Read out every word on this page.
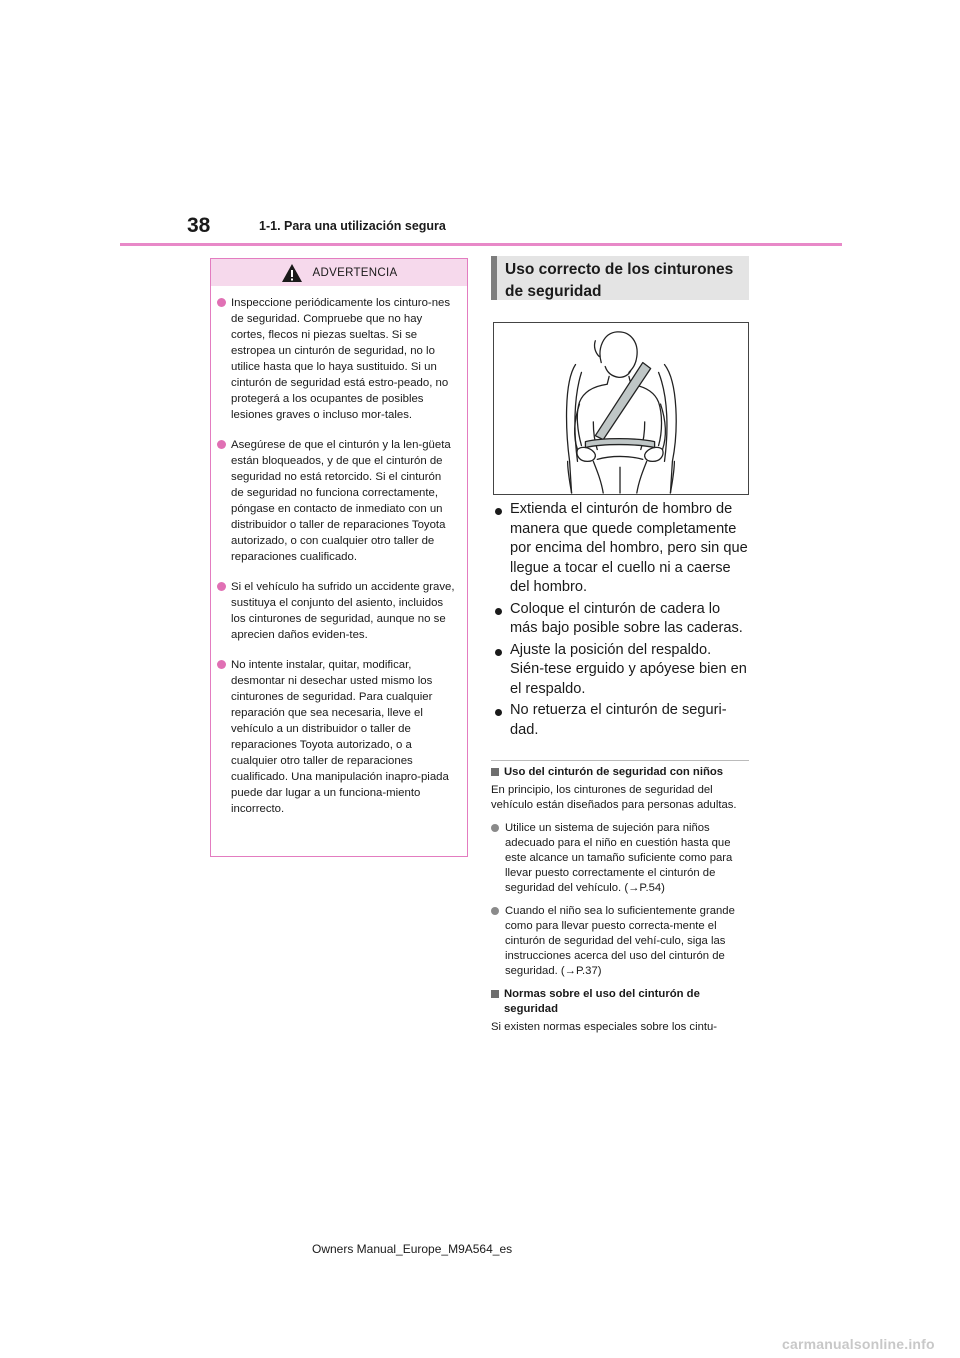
38	1-1. Para una utilización segura
ADVERTENCIA
Inspeccione periódicamente los cinturo-nes de seguridad. Compruebe que no hay cortes, flecos ni piezas sueltas. Si se estropea un cinturón de seguridad, no lo utilice hasta que lo haya sustituido. Si un cinturón de seguridad está estro-peado, no protegerá a los ocupantes de posibles lesiones graves o incluso mor-tales.
Asegúrese de que el cinturón y la len-güeta están bloqueados, y de que el cinturón de seguridad no está retorcido. Si el cinturón de seguridad no funciona correctamente, póngase en contacto de inmediato con un distribuidor o taller de reparaciones Toyota autorizado, o con cualquier otro taller de reparaciones cualificado.
Si el vehículo ha sufrido un accidente grave, sustituya el conjunto del asiento, incluidos los cinturones de seguridad, aunque no se aprecien daños eviden-tes.
No intente instalar, quitar, modificar, desmontar ni desechar usted mismo los cinturones de seguridad. Para cualquier reparación que sea necesaria, lleve el vehículo a un distribuidor o taller de reparaciones Toyota autorizado, o a cualquier otro taller de reparaciones cualificado. Una manipulación inapro-piada puede dar lugar a un funciona-miento incorrecto.
Uso correcto de los cinturones de seguridad
Extienda el cinturón de hombro de manera que quede completamente por encima del hombro, pero sin que llegue a tocar el cuello ni a caerse del hombro.
Coloque el cinturón de cadera lo más bajo posible sobre las caderas.
Ajuste la posición del respaldo. Sién-tese erguido y apóyese bien en el respaldo.
No retuerza el cinturón de seguri-dad.
Uso del cinturón de seguridad con niños

En principio, los cinturones de seguridad del vehículo están diseñados para personas adultas.

Utilice un sistema de sujeción para niños adecuado para el niño en cuestión hasta que este alcance un tamaño suficiente como para llevar puesto correctamente el cinturón de seguridad del vehículo. (→P.54)
Cuando el niño sea lo suficientemente grande como para llevar puesto correcta-mente el cinturón de seguridad del vehí-culo, siga las instrucciones acerca del uso del cinturón de seguridad. (→P.37)
Normas sobre el uso del cinturón de seguridad

Si existen normas especiales sobre los cintu-

Owners Manual_Europe_M9A564_es
carmanualsonline.info
